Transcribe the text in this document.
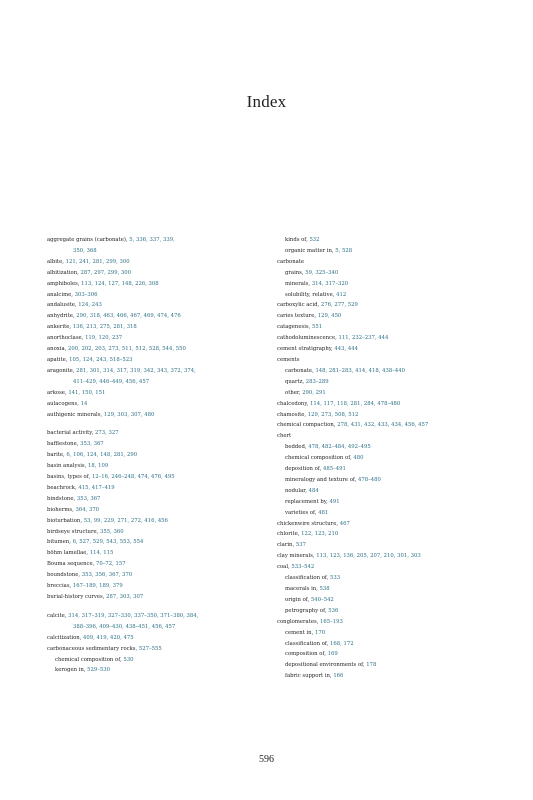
Index
aggregate grains (carbonate), 5, 336, 337, 339,
350, 368
albite, 121, 241, 281, 299, 300
albitization, 287, 297, 299, 300
amphiboles, 113, 124, 127, 148, 226, 308
analcime, 303–306
andalusite, 124, 243
anhydrite, 290, 318, 463, 466, 467, 469, 474, 476
ankerite, 136, 213, 275, 281, 318
anorthoclase, 119, 120, 237
anoxia, 200, 202, 203, 273, 511, 512, 528, 544, 550
apatite, 105, 124, 243, 518–523
aragonite, 281, 301, 314, 317, 319, 342, 343, 372, 374,
411–429, 446–449, 456, 457
arkose, 141, 150, 151
aulacogens, 14
authigenic minerals, 129, 303, 307, 480
bacterial activity, 273, 327
bafflestone, 353, 367
barite, 6, 106, 124, 148, 281, 290
basin analysis, 18, 109
basins, types of, 12–16, 246–248, 474, 476, 495
beachrock, 415, 417–419
bindstone, 353, 367
bioherms, 364, 370
bioturbation, 53, 99, 229, 271, 272, 416, 456
birdseye structure, 355, 360
bitumen, 6, 527, 529, 543, 553, 554
böhm lamellae, 114, 115
Bouma sequence, 70–72, 157
boundstone, 353, 356, 367, 370
breccias, 167–189, 189, 379
burial-history curves, 287, 303, 307
calcite, 314, 317–319, 327–330, 337–350, 371–380, 384,
388–396, 409–430, 438–451, 456, 457
calcitization, 409, 419, 420, 475
carbonaceous sedimentary rocks, 527–555
chemical composition of, 530
kerogen in, 529–530
kinds of, 532
organic matter in, 5, 528
carbonate
grains, 59, 325–340
minerals, 314, 317–320
solubility, relative, 412
carboxylic acid, 276, 277, 529
caries texture, 129, 450
catagenesis, 551
cathodoluminescence, 111, 232–237, 444
cement stratigraphy, 443, 444
cements
carbonate, 148, 281–283, 414, 418, 438–440
quartz, 283–289
other, 290, 291
chalcedony, 114, 117, 118, 281, 284, 478–480
chamosite, 129, 273, 508, 512
chemical compaction, 278, 431, 432, 433, 434, 456, 457
chert
bedded, 478, 482–484, 492–495
chemical composition of, 480
deposition of, 485–491
mineralogy and texture of, 478–480
nodular, 484
replacement by, 491
varieties of, 481
chickenwire structure, 467
chlorite, 122, 123, 210
clarin, 537
clay minerals, 113, 123, 136, 205, 207, 210, 301, 303
coal, 533–542
classification of, 533
macerals in, 538
origin of, 540–542
petrography of, 536
conglomerates, 165–193
cement in, 170
classification of, 168, 172
composition of, 169
depositional environments of, 178
fabric support in, 166
596
